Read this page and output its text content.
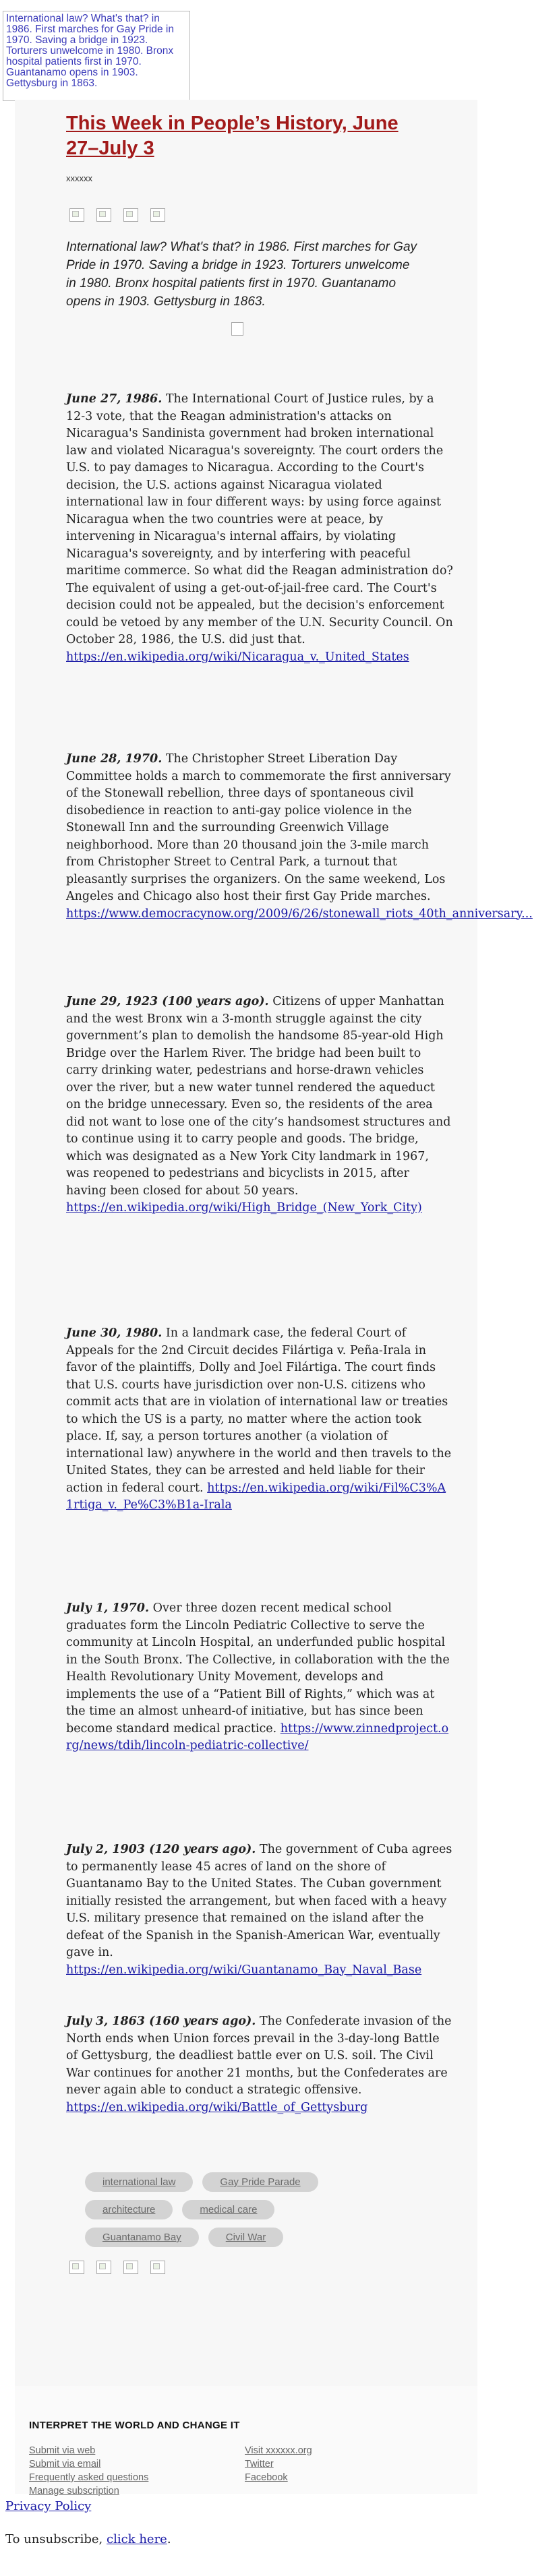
International law? What's that? in 1986. First marches for Gay Pride in 1970. Saving a bridge in 1923. Torturers unwelcome in 1980. Bronx hospital patients first in 1970. Guantanamo opens in 1903. Gettysburg in 1863.
This Week in People’s History, June 27–July 3
xxxxxx

International law? What's that? in 1986. First marches for Gay Pride in 1970. Saving a bridge in 1923. Torturers unwelcome in 1980. Bronx hospital patients first in 1970. Guantanamo opens in 1903. Gettysburg in 1863.

June 27, 1986. The International Court of Justice rules, by a 12-3 vote, that the Reagan administration's attacks on Nicaragua's Sandinista government had broken international law and violated Nicaragua's sovereignty. The court orders the U.S. to pay damages to Nicaragua. According to the Court's decision, the U.S. actions against Nicaragua violated international law in four different ways: by using force against Nicaragua when the two countries were at peace, by intervening in Nicaragua's internal affairs, by violating Nicaragua's sovereignty, and by interfering with peaceful maritime commerce. So what did the Reagan administration do? The equivalent of using a get-out-of-jail-free card. The Court's decision could not be appealed, but the decision's enforcement could be vetoed by any member of the U.N. Security Council. On October 28, 1986, the U.S. did just that. https://en.wikipedia.org/wiki/Nicaragua_v._United_States

June 28, 1970. The Christopher Street Liberation Day Committee holds a march to commemorate the first anniversary of the Stonewall rebellion, three days of spontaneous civil disobedience in reaction to anti-gay police violence in the Stonewall Inn and the surrounding Greenwich Village neighborhood. More than 20 thousand join the 3-mile march from Christopher Street to Central Park, a turnout that pleasantly surprises the organizers. On the same weekend, Los Angeles and Chicago also host their first Gay Pride marches. https://www.democracynow.org/2009/6/26/stonewall_riots_40th_anniversary...

June 29, 1923 (100 years ago). Citizens of upper Manhattan and the west Bronx win a 3-month struggle against the city government’s plan to demolish the handsome 85-year-old High Bridge over the Harlem River. The bridge had been built to carry drinking water, pedestrians and horse-drawn vehicles over the river, but a new water tunnel rendered the aqueduct on the bridge unnecessary. Even so, the residents of the area did not want to lose one of the city’s handsomest structures and to continue using it to carry people and goods. The bridge, which was designated as a New York City landmark in 1967, was reopened to pedestrians and bicyclists in 2015, after having been closed for about 50 years. https://en.wikipedia.org/wiki/High_Bridge_(New_York_City)

June 30, 1980. In a landmark case, the federal Court of Appeals for the 2nd Circuit decides Filártiga v. Peña-Irala in favor of the plaintiffs, Dolly and Joel Filártiga. The court finds that U.S. courts have jurisdiction over non-U.S. citizens who commit acts that are in violation of international law or treaties to which the US is a party, no matter where the action took place. If, say, a person tortures another (a violation of international law) anywhere in the world and then travels to the United States, they can be arrested and held liable for their action in federal court. https://en.wikipedia.org/wiki/Fil%C3%A1rtiga_v._Pe%C3%B1a-Irala

July 1, 1970. Over three dozen recent medical school graduates form the Lincoln Pediatric Collective to serve the community at Lincoln Hospital, an underfunded public hospital in the South Bronx. The Collective, in collaboration with the the Health Revolutionary Unity Movement, develops and implements the use of a “Patient Bill of Rights,” which was at the time an almost unheard-of initiative, but has since been become standard medical practice. https://www.zinnedproject.org/news/tdih/lincoln-pediatric-collective/

July 2, 1903 (120 years ago). The government of Cuba agrees to permanently lease 45 acres of land on the shore of Guantanamo Bay to the United States. The Cuban government initially resisted the arrangement, but when faced with a heavy U.S. military presence that remained on the island after the defeat of the Spanish in the Spanish-American War, eventually gave in. https://en.wikipedia.org/wiki/Guantanamo_Bay_Naval_Base

July 3, 1863 (160 years ago). The Confederate invasion of the North ends when Union forces prevail in the 3-day-long Battle of Gettysburg, the deadliest battle ever on U.S. soil. The Civil War continues for another 21 months, but the Confederates are never again able to conduct a strategic offensive. https://en.wikipedia.org/wiki/Battle_of_Gettysburg

international law	Gay Pride Parade
architecture	medical care
Guantanamo Bay	Civil War
INTERPRET THE WORLD AND CHANGE IT
Submit via web
Submit via email
Frequently asked questions
Manage subscription
Visit xxxxxx.org
Twitter
Facebook
Privacy Policy
To unsubscribe, click here.
